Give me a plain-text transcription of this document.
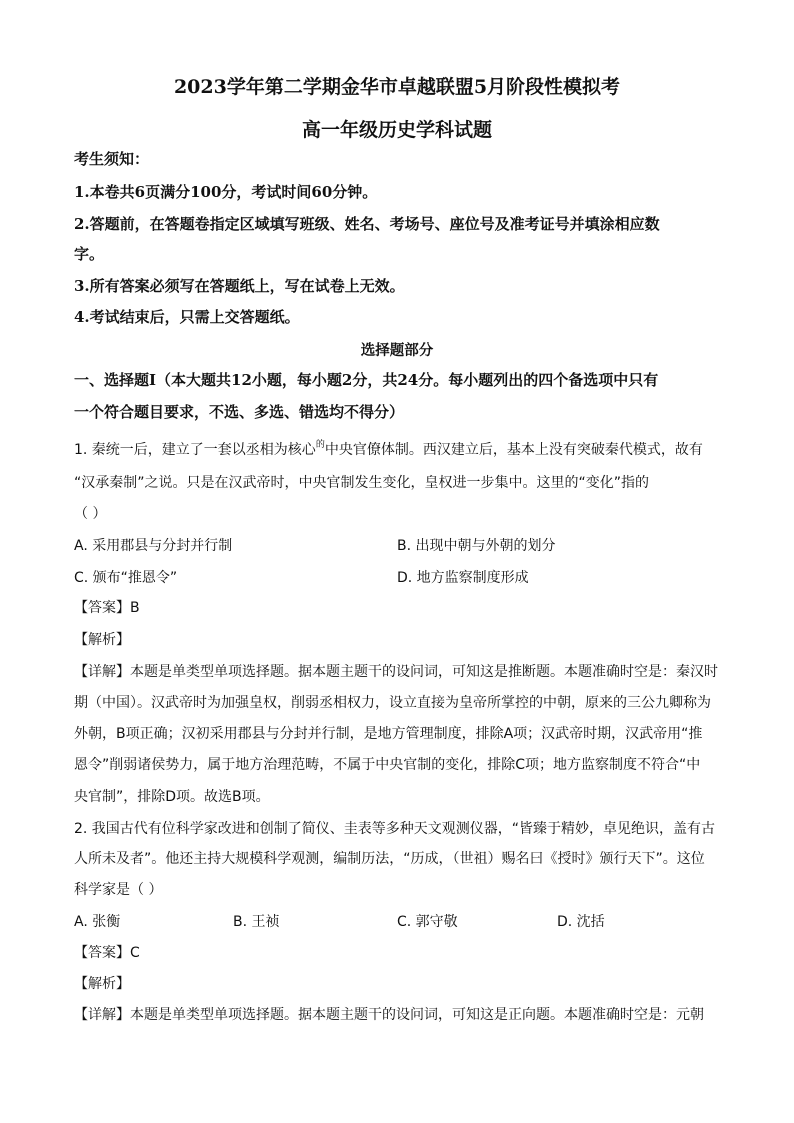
2023学年第二学期金华市卓越联盟5月阶段性模拟考
高一年级历史学科试题
考生须知：
1.本卷共6页满分100分，考试时间60分钟。
2.答题前，在答题卷指定区域填写班级、姓名、考场号、座位号及准考证号并填涂相应数
字。
3.所有答案必须写在答题纸上，写在试卷上无效。
4.考试结束后，只需上交答题纸。
选择题部分
一、选择题Ⅰ（本大题共12小题，每小题2分，共24分。每小题列出的四个备选项中只有
一个符合题目要求，不选、多选、错选均不得分）
1. 秦统一后，建立了一套以丞相为核心$^的$中央官僚体制。西汉建立后，基本上没有突破秦代模式，故有
“汉承秦制”之说。只是在汉武帝时，中央官制发生变化，皇权进一步集中。这里的“变化”指的
（ ）
A. 采用郡县与分封并行制	B. 出现中朝与外朝的划分
C. 颁布“推恩令”	D. 地方监察制度形成
【答案】B
【解析】
【详解】本题是单类型单项选择题。据本题主题干的设问词，可知这是推断题。本题准确时空是：秦汉时
期（中国）。汉武帝时为加强皇权，削弱丞相权力，设立直接为皇帝所掌控的中朝，原来的三公九卿称为
外朝，B项正确；汉初采用郡县与分封并行制，是地方管理制度，排除A项；汉武帝时期，汉武帝用“推
恩令”削弱诸侯势力，属于地方治理范畴，不属于中央官制的变化，排除C项；地方监察制度不符合“中
央官制”，排除D项。故选B项。
2. 我国古代有位科学家改进和创制了简仪、圭表等多种天文观测仪器，“皆臻于精妙，卓见绝识，盖有古
人所未及者”。他还主持大规模科学观测，编制历法，“历成，（世祖）赐名曰《授时》颁行天下”。这位
科学家是（ ）
A. 张衡	B. 王祯	C. 郭守敬	D. 沈括
【答案】C
【解析】
【详解】本题是单类型单项选择题。据本题主题干的设问词，可知这是正向题。本题准确时空是：元朝
